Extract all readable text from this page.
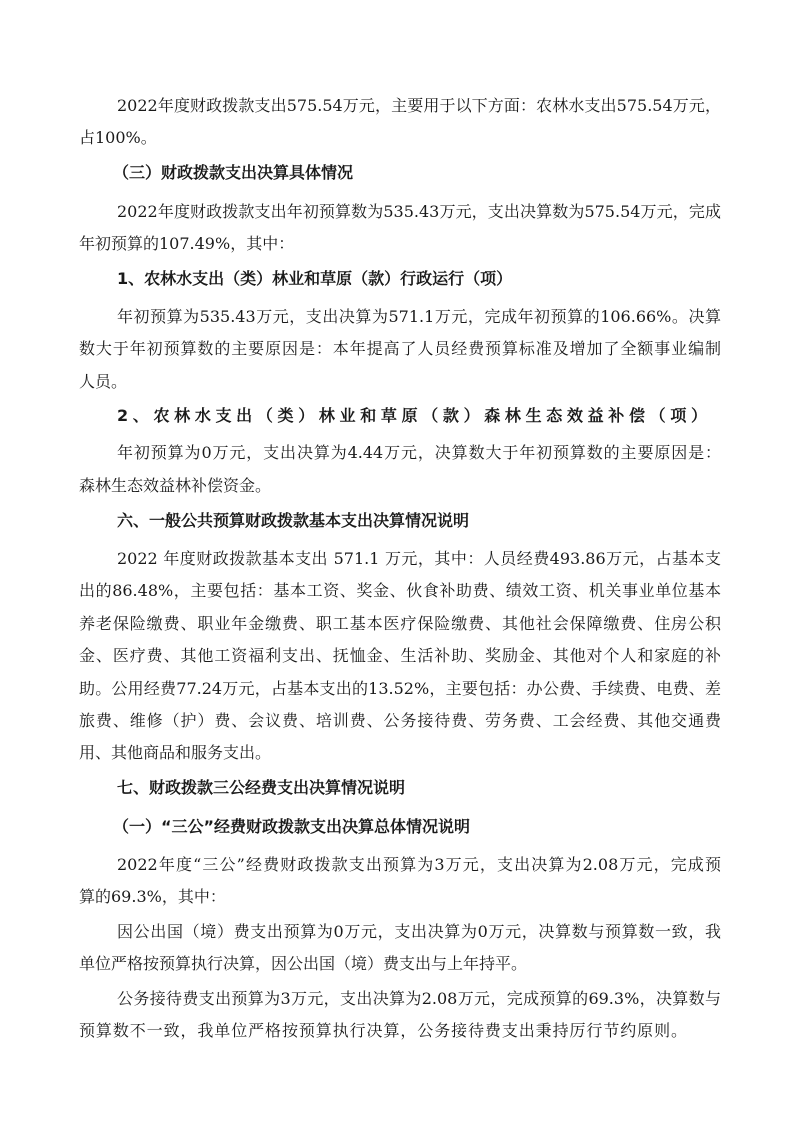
2022年度财政拨款支出575.54万元，主要用于以下方面：农林水支出575.54万元，
占100%。
（三）财政拨款支出决算具体情况
2022年度财政拨款支出年初预算数为535.43万元，支出决算数为575.54万元，完成
年初预算的107.49%，其中：
1、农林水支出（类）林业和草原（款）行政运行（项）
年初预算为535.43万元，支出决算为571.1万元，完成年初预算的106.66%。决算
数大于年初预算数的主要原因是：本年提高了人员经费预算标准及增加了全额事业编制
人员。
2、农林水支出（类）林业和草原（款）森林生态效益补偿（项）
年初预算为0万元，支出决算为4.44万元，决算数大于年初预算数的主要原因是：
森林生态效益林补偿资金。
六、一般公共预算财政拨款基本支出决算情况说明
2022 年度财政拨款基本支出 571.1 万元，其中：人员经费493.86万元，占基本支
出的86.48%，主要包括：基本工资、奖金、伙食补助费、绩效工资、机关事业单位基本
养老保险缴费、职业年金缴费、职工基本医疗保险缴费、其他社会保障缴费、住房公积
金、医疗费、其他工资福利支出、抚恤金、生活补助、奖励金、其他对个人和家庭的补
助。公用经费77.24万元，占基本支出的13.52%，主要包括：办公费、手续费、电费、差
旅费、维修（护）费、会议费、培训费、公务接待费、劳务费、工会经费、其他交通费
用、其他商品和服务支出。
七、财政拨款三公经费支出决算情况说明
（一）“三公”经费财政拨款支出决算总体情况说明
2022年度“三公”经费财政拨款支出预算为3万元，支出决算为2.08万元，完成预
算的69.3%，其中：
因公出国（境）费支出预算为0万元，支出决算为0万元，决算数与预算数一致，我
单位严格按预算执行决算，因公出国（境）费支出与上年持平。
公务接待费支出预算为3万元，支出决算为2.08万元，完成预算的69.3%，决算数与
预算数不一致，我单位严格按预算执行决算，公务接待费支出秉持厉行节约原则。
